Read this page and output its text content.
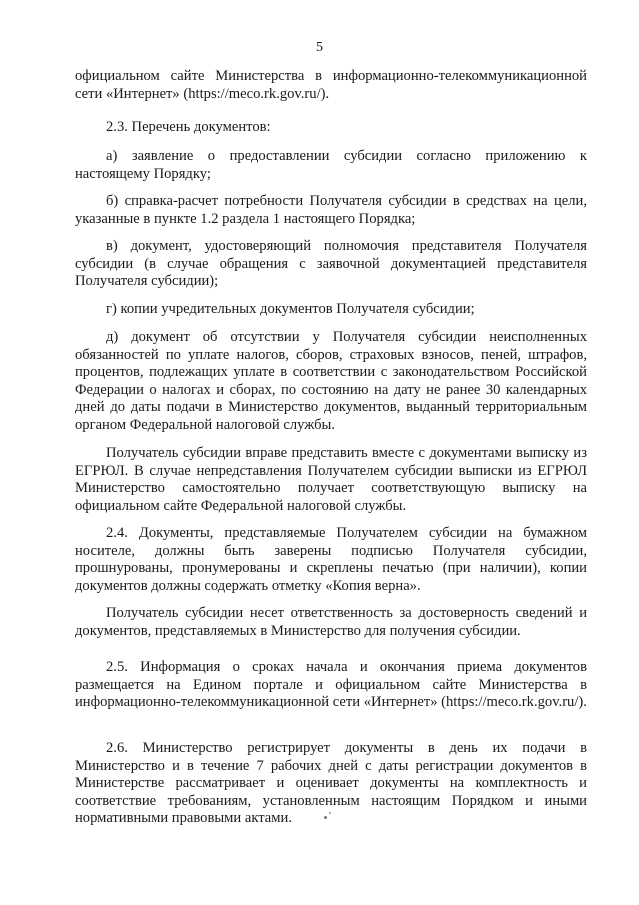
5

официальном сайте Министерства в информационно-телекоммуникационной сети «Интернет» (https://meco.rk.gov.ru/).

2.3. Перечень документов:

а) заявление о предоставлении субсидии согласно приложению к настоящему Порядку;

б) справка-расчет потребности Получателя субсидии в средствах на цели, указанные в пункте 1.2 раздела 1 настоящего Порядка;

в) документ, удостоверяющий полномочия представителя Получателя субсидии (в случае обращения с заявочной документацией представителя Получателя субсидии);

г) копии учредительных документов Получателя субсидии;

д) документ об отсутствии у Получателя субсидии неисполненных обязанностей по уплате налогов, сборов, страховых взносов, пеней, штрафов, процентов, подлежащих уплате в соответствии с законодательством Российской Федерации о налогах и сборах, по состоянию на дату не ранее 30 календарных дней до даты подачи в Министерство документов, выданный территориальным органом Федеральной налоговой службы.

Получатель субсидии вправе представить вместе с документами выписку из ЕГРЮЛ. В случае непредставления Получателем субсидии выписки из ЕГРЮЛ Министерство самостоятельно получает соответствующую выписку на официальном сайте Федеральной налоговой службы.

2.4. Документы, представляемые Получателем субсидии на бумажном носителе, должны быть заверены подписью Получателя субсидии, прошнурованы, пронумерованы и скреплены печатью (при наличии), копии документов должны содержать отметку «Копия верна».

Получатель субсидии несет ответственность за достоверность сведений и документов, представляемых в Министерство для получения субсидии.

2.5. Информация о сроках начала и окончания приема документов размещается на Едином портале и официальном сайте Министерства в информационно-телекоммуникационной сети «Интернет» (https://meco.rk.gov.ru/).

2.6. Министерство регистрирует документы в день их подачи в Министерство и в течение 7 рабочих дней с даты регистрации документов в Министерстве рассматривает и оценивает документы на комплектность и соответствие требованиям, установленным настоящим Порядком и иными нормативными правовыми актами.
